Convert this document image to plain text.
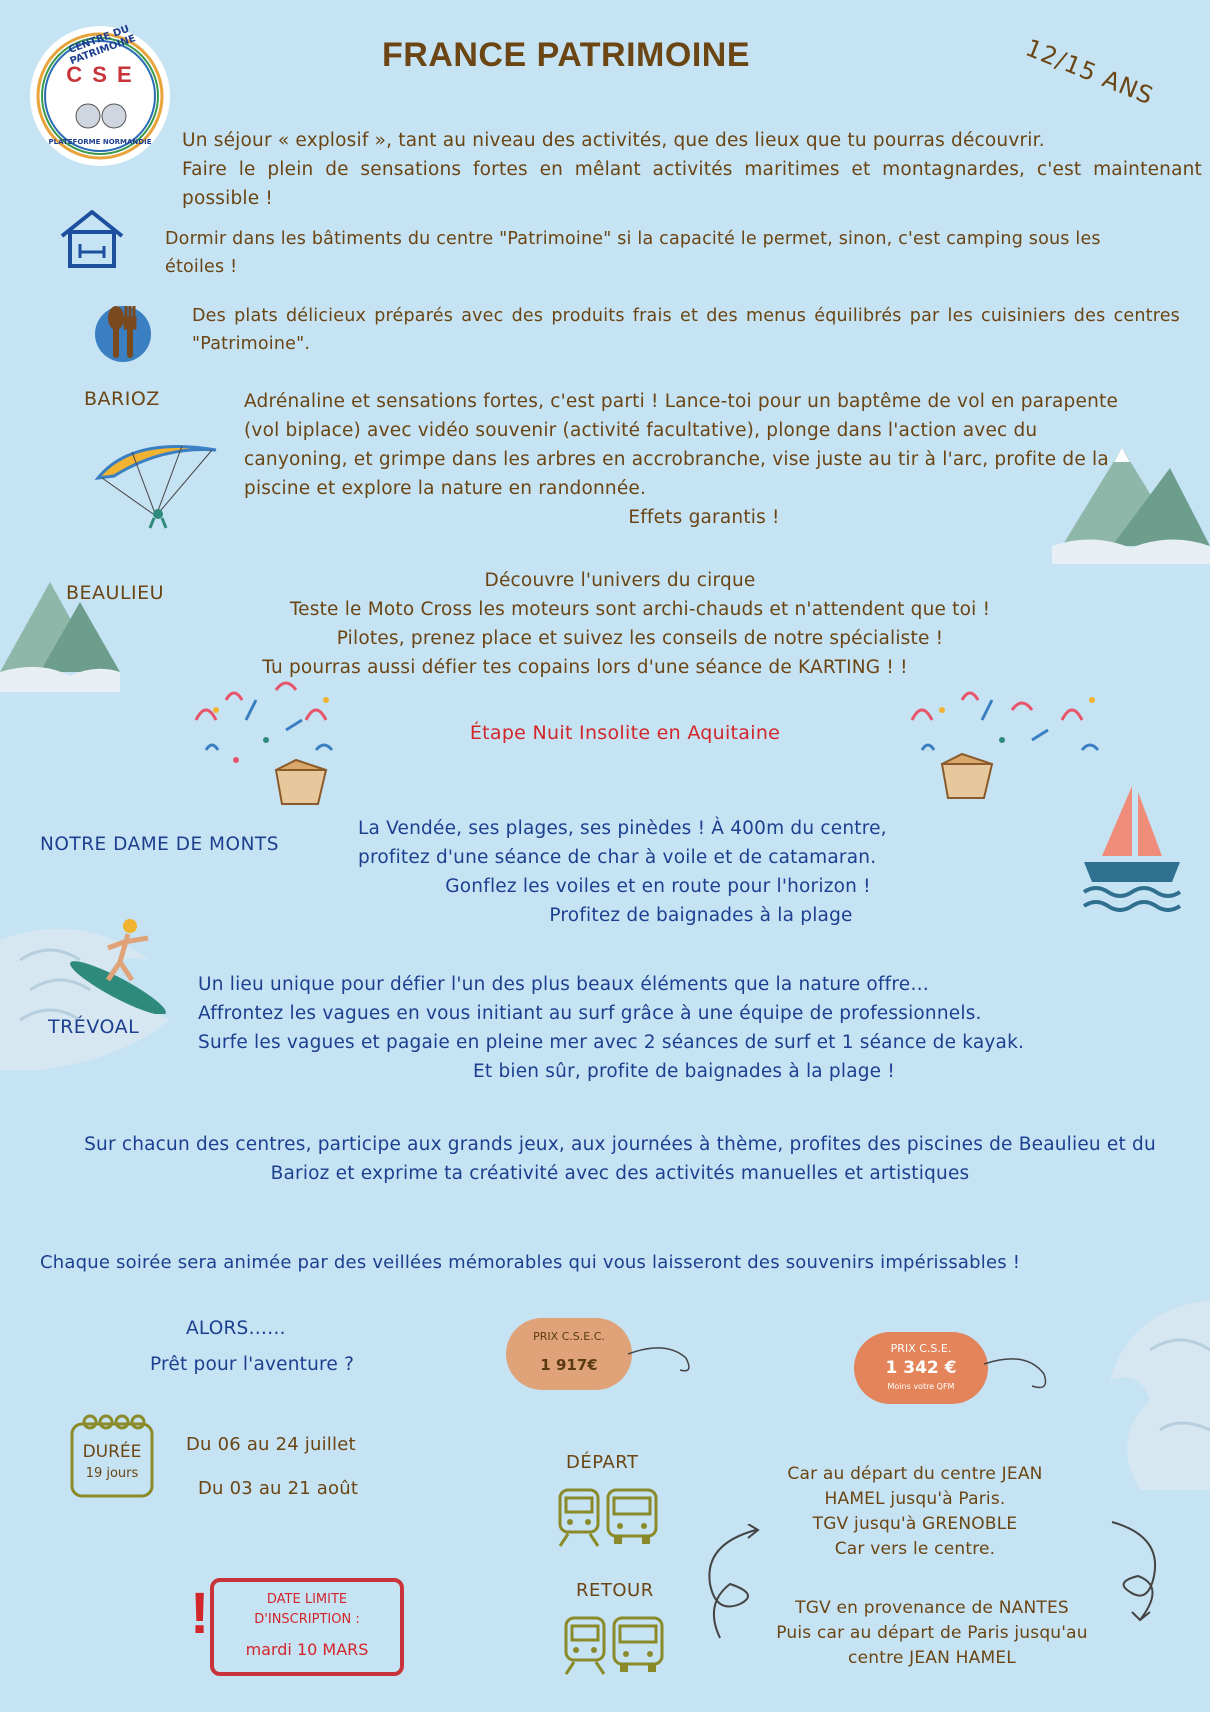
C S E
CENTRE DU PATRIMOINE
PLATEFORME NORMANDIE
FRANCE PATRIMOINE	12/15 ANS
Un séjour « explosif », tant au niveau des activités, que des lieux que tu pourras découvrir.
Faire le plein de sensations fortes en mêlant activités maritimes et montagnardes, c'est maintenant possible !
Dormir dans les bâtiments du centre "Patrimoine" si la capacité le permet, sinon, c'est camping sous les étoiles !
Des plats délicieux préparés avec des produits frais et des menus équilibrés par les cuisiniers des centres "Patrimoine".
BARIOZ	Adrénaline et sensations fortes, c'est parti ! Lance-toi pour un baptême de vol en parapente (vol biplace) avec vidéo souvenir (activité facultative), plonge dans l'action avec du canyoning, et grimpe dans les arbres en accrobranche, vise juste au tir à l'arc, profite de la piscine et explore la nature en randonnée.
Effets garantis !
BEAULIEU
Découvre l'univers du cirque
Teste le Moto Cross les moteurs sont archi-chauds et n'attendent que toi !
Pilotes, prenez place et suivez les conseils de notre spécialiste !
Tu pourras aussi défier tes copains lors d'une séance de KARTING ! !
Étape Nuit Insolite en Aquitaine
NOTRE DAME DE MONTS
La Vendée, ses plages, ses pinèdes ! À 400m du centre,
profitez d'une séance de char à voile et de catamaran.
Gonflez les voiles et en route pour l'horizon !
Profitez de baignades à la plage
TRÉVOAL
Un lieu unique pour défier l'un des plus beaux éléments que la nature offre…
Affrontez les vagues en vous initiant au surf grâce à une équipe de professionnels.
Surfe les vagues et pagaie en pleine mer avec 2 séances de surf et 1 séance de kayak.
Et bien sûr, profite de baignades à la plage !
Sur chacun des centres, participe aux grands jeux, aux journées à thème, profites des piscines de Beaulieu et du Barioz et exprime ta créativité avec des activités manuelles et artistiques
Chaque soirée sera animée par des veillées mémorables qui vous laisseront des souvenirs impérissables !
ALORS……
Prêt pour l'aventure ?
PRIX C.S.E.C.
1 917€
PRIX C.S.E.
1 342 €
Moins votre QFM
DURÉE
19 jours
Du 06 au 24 juillet
Du 03 au 21 août
!	DATE LIMITE
D'INSCRIPTION :
mardi 10 MARS
DÉPART
RETOUR
Car au départ du centre JEAN
HAMEL jusqu'à Paris.
TGV jusqu'à GRENOBLE
Car vers le centre.
TGV en provenance de NANTES
Puis car au départ de Paris jusqu'au
centre JEAN HAMEL
